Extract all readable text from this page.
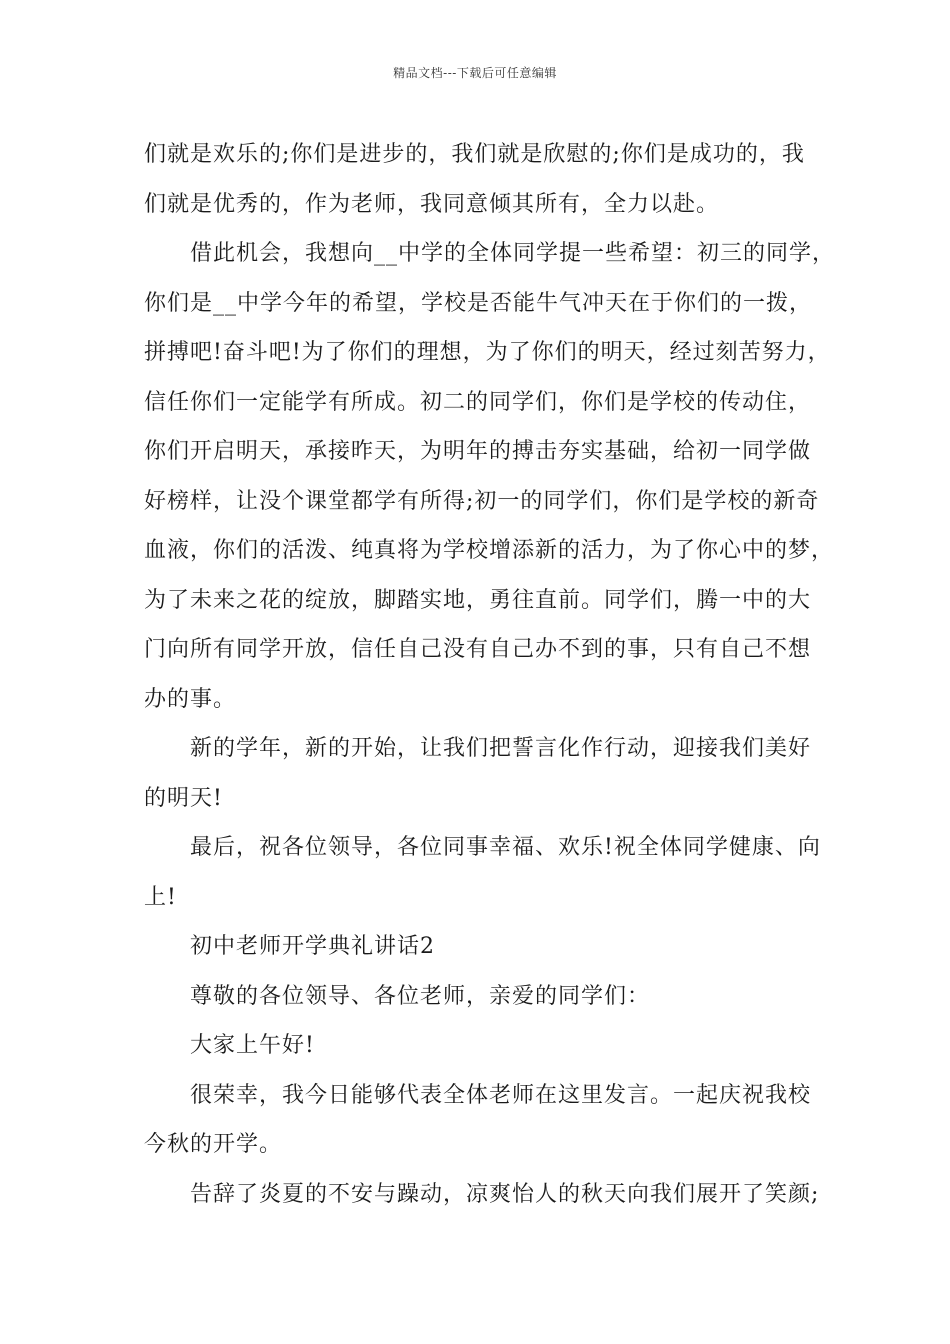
精品文档---下载后可任意编辑
们就是欢乐的;你们是进步的，我们就是欣慰的;你们是成功的，我
们就是优秀的，作为老师，我同意倾其所有，全力以赴。
借此机会，我想向__中学的全体同学提一些希望：初三的同学，
你们是__中学今年的希望，学校是否能牛气冲天在于你们的一拨，
拼搏吧!奋斗吧!为了你们的理想，为了你们的明天，经过刻苦努力，
信任你们一定能学有所成。初二的同学们，你们是学校的传动住，
你们开启明天，承接昨天，为明年的搏击夯实基础，给初一同学做
好榜样，让没个课堂都学有所得;初一的同学们，你们是学校的新奇
血液，你们的活泼、纯真将为学校增添新的活力，为了你心中的梦，
为了未来之花的绽放，脚踏实地，勇往直前。同学们，腾一中的大
门向所有同学开放，信任自己没有自己办不到的事，只有自己不想
办的事。
新的学年，新的开始，让我们把誓言化作行动，迎接我们美好
的明天!
最后，祝各位领导，各位同事幸福、欢乐!祝全体同学健康、向
上!
初中老师开学典礼讲话2
尊敬的各位领导、各位老师，亲爱的同学们：
大家上午好!
很荣幸，我今日能够代表全体老师在这里发言。一起庆祝我校
今秋的开学。
告辞了炎夏的不安与躁动，凉爽怡人的秋天向我们展开了笑颜;
